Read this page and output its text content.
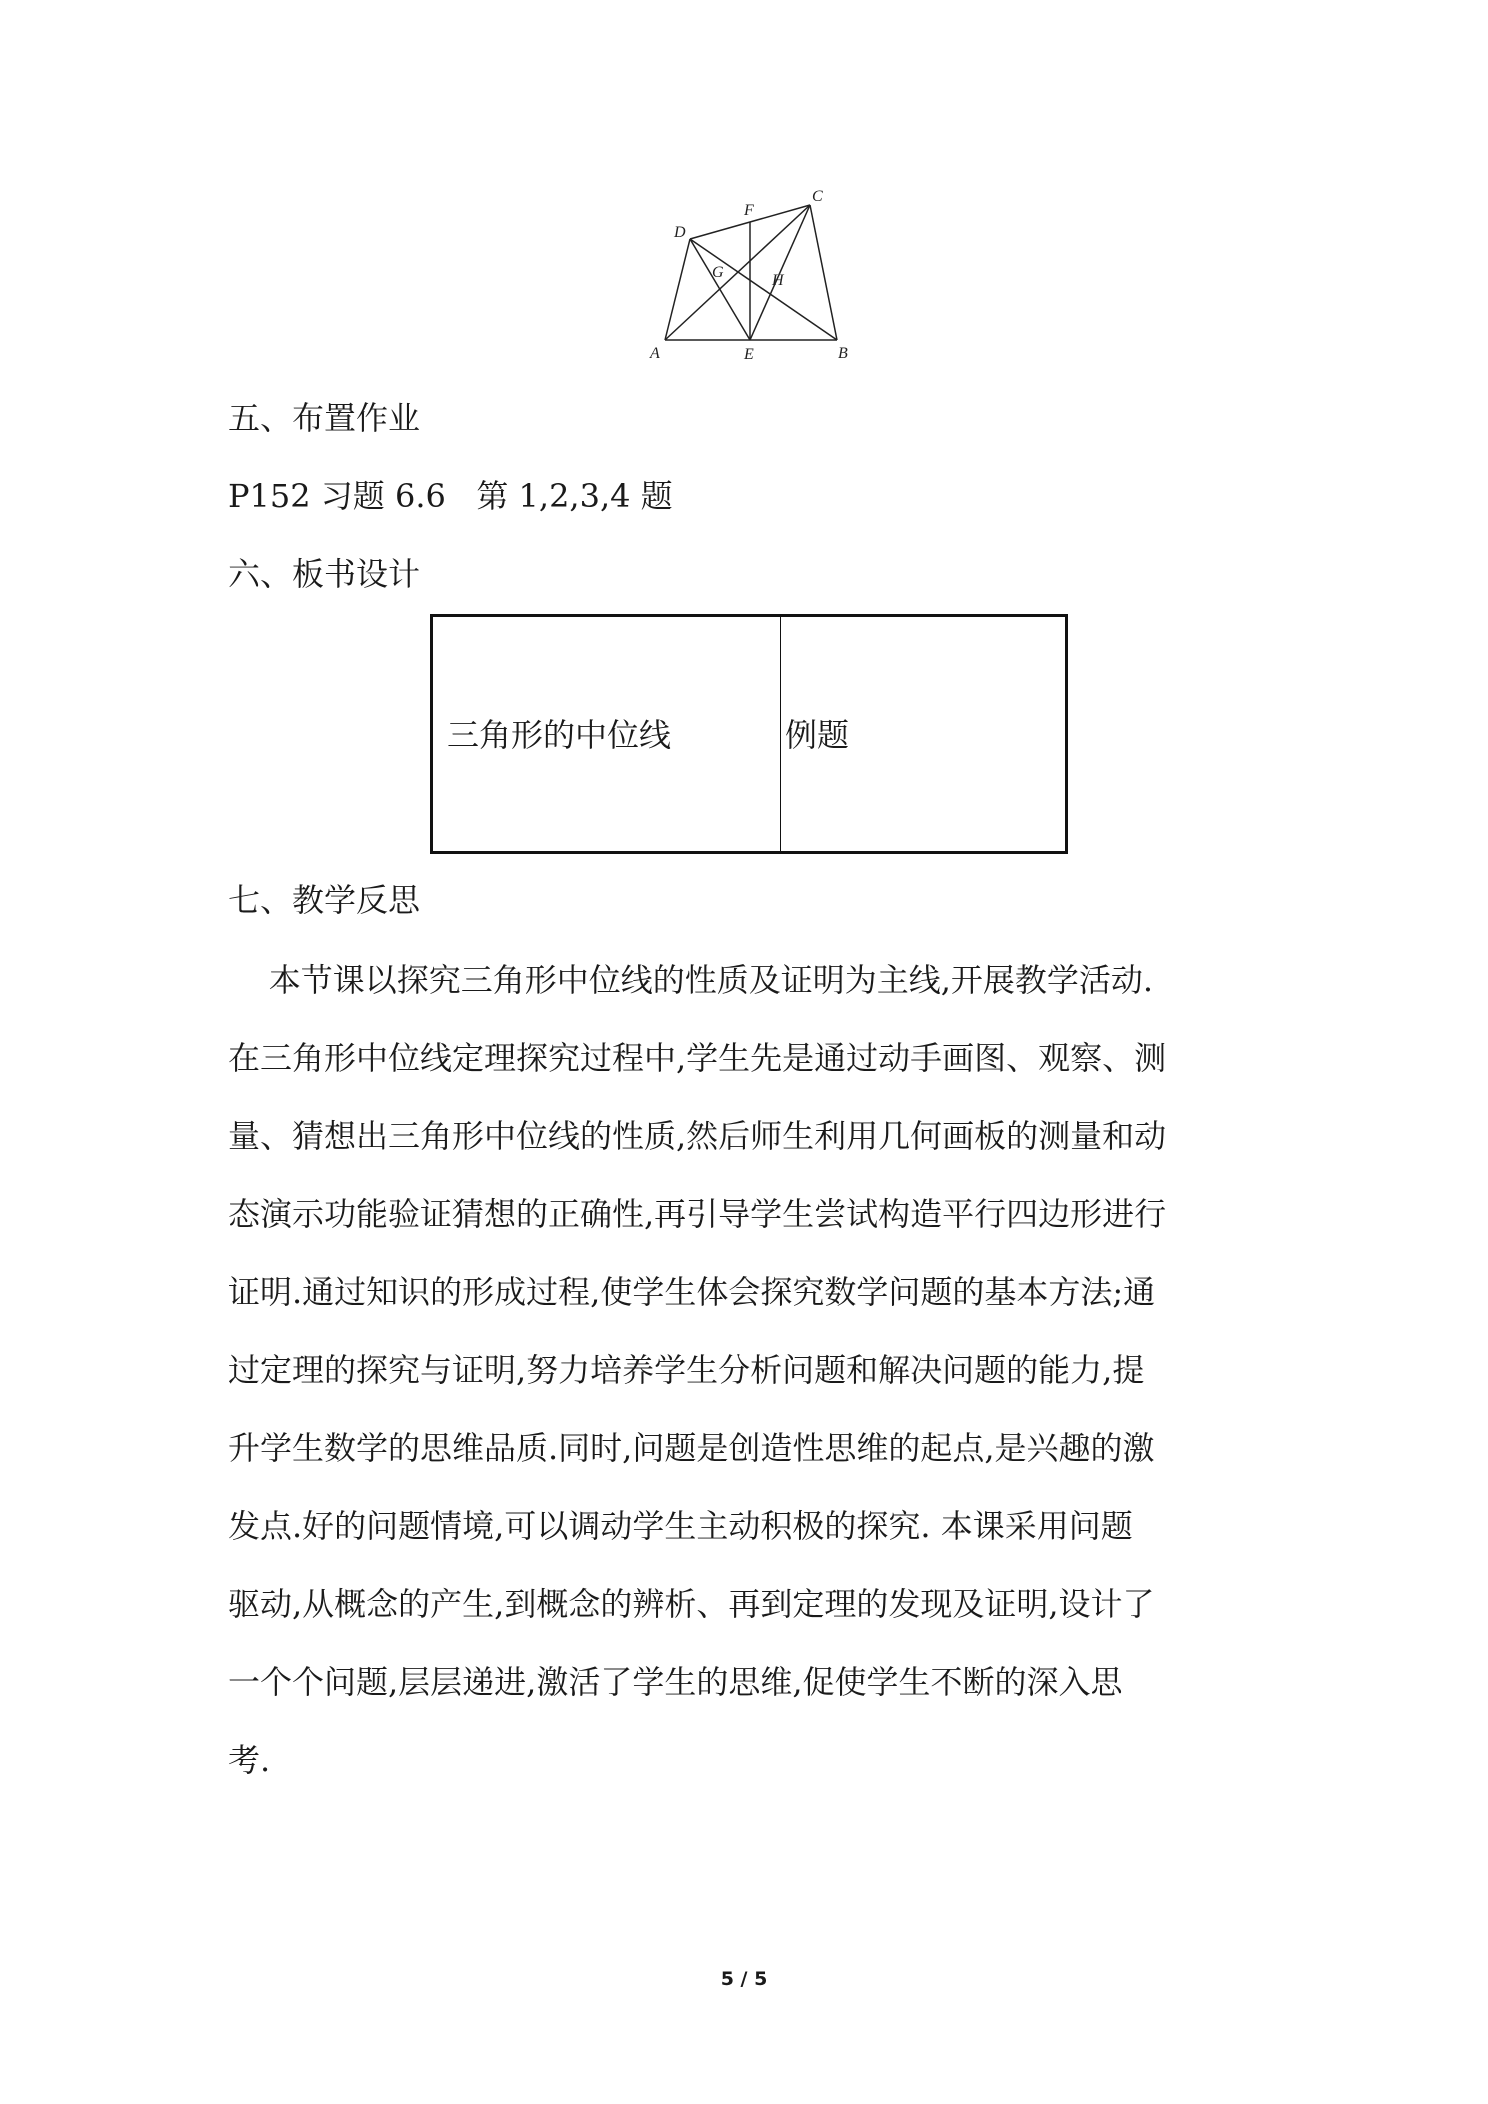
A	B
C
D
E
F
G	H
五、布置作业
P152 习题 6.6   第 1,2,3,4 题
六、板书设计
三角形的中位线	例题
七、教学反思
本节课以探究三角形中位线的性质及证明为主线,开展教学活动.
在三角形中位线定理探究过程中,学生先是通过动手画图、观察、测
量、猜想出三角形中位线的性质,然后师生利用几何画板的测量和动
态演示功能验证猜想的正确性,再引导学生尝试构造平行四边形进行
证明.通过知识的形成过程,使学生体会探究数学问题的基本方法;通
过定理的探究与证明,努力培养学生分析问题和解决问题的能力,提
升学生数学的思维品质.同时,问题是创造性思维的起点,是兴趣的激
发点.好的问题情境,可以调动学生主动积极的探究. 本课采用问题
驱动,从概念的产生,到概念的辨析、再到定理的发现及证明,设计了
一个个问题,层层递进,激活了学生的思维,促使学生不断的深入思
考.
5 / 5
